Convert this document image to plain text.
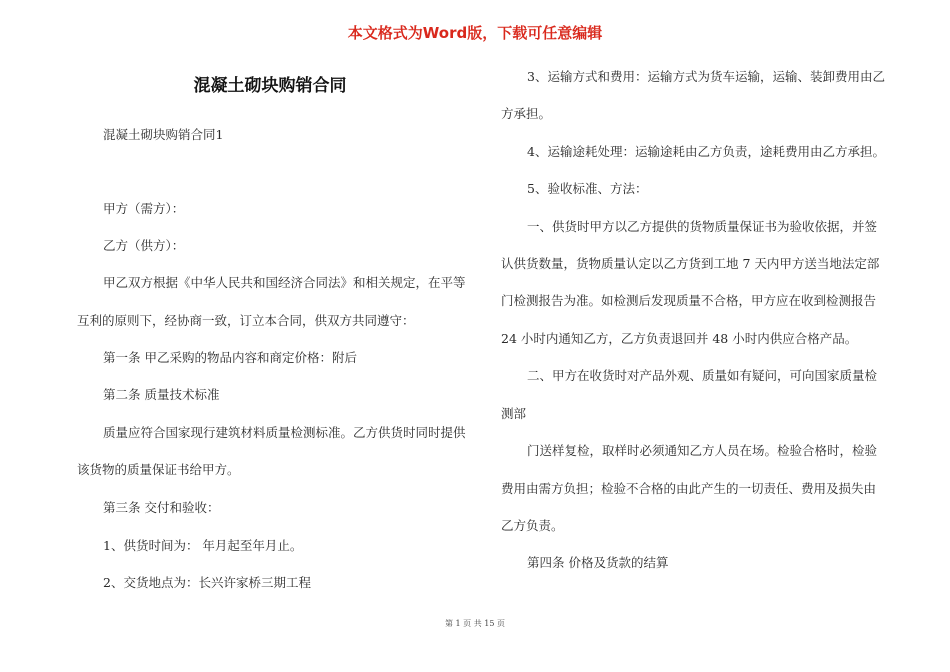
本文格式为Word版，下载可任意编辑
混凝土砌块购销合同
混凝土砌块购销合同1
甲方（需方）：
乙方（供方）：
甲乙双方根据《中华人民共和国经济合同法》和相关规定，在平等
互利的原则下，经协商一致，订立本合同，供双方共同遵守：
第一条 甲乙采购的物品内容和商定价格：附后
第二条 质量技术标准
质量应符合国家现行建筑材料质量检测标准。乙方供货时同时提供
该货物的质量保证书给甲方。
第三条 交付和验收：
1、供货时间为： 年月起至年月止。
2、交货地点为：长兴许家桥三期工程
3、运输方式和费用：运输方式为货车运输，运输、装卸费用由乙
方承担。
4、运输途耗处理：运输途耗由乙方负责，途耗费用由乙方承担。
5、验收标准、方法：
一、供货时甲方以乙方提供的货物质量保证书为验收依据，并签
认供货数量，货物质量认定以乙方货到工地 7 天内甲方送当地法定部
门检测报告为准。如检测后发现质量不合格，甲方应在收到检测报告
24 小时内通知乙方，乙方负责退回并 48 小时内供应合格产品。
二、甲方在收货时对产品外观、质量如有疑问，可向国家质量检
测部
门送样复检，取样时必须通知乙方人员在场。检验合格时，检验
费用由需方负担；检验不合格的由此产生的一切责任、费用及损失由
乙方负责。
第四条 价格及货款的结算
第 1 页 共 15 页
